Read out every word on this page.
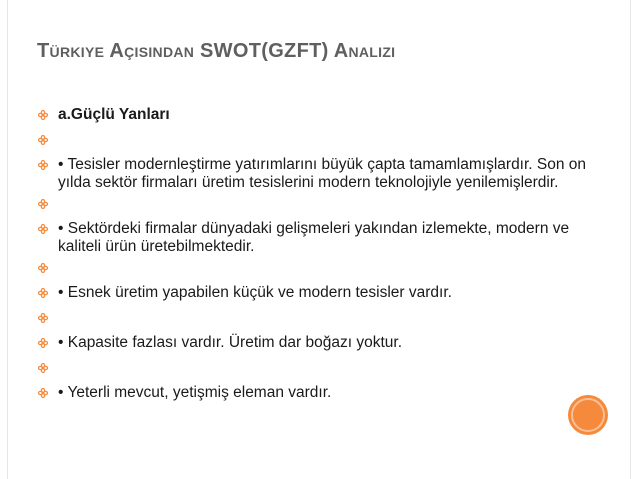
TÜRKIYE AÇISINDAN SWOT(GZFT) ANALIZI
a.Güçlü Yanları
• Tesisler modernleştirme yatırımlarını büyük çapta tamamlamışlardır. Son on yılda sektör firmaları üretim tesislerini modern teknolojiyle yenilemişlerdir.
• Sektördeki firmalar dünyadaki gelişmeleri yakından izlemekte, modern ve kaliteli ürün üretebilmektedir.
• Esnek üretim yapabilen küçük ve modern tesisler vardır.
• Kapasite fazlası vardır. Üretim dar boğazı yoktur.
• Yeterli mevcut, yetişmiş eleman vardır.
